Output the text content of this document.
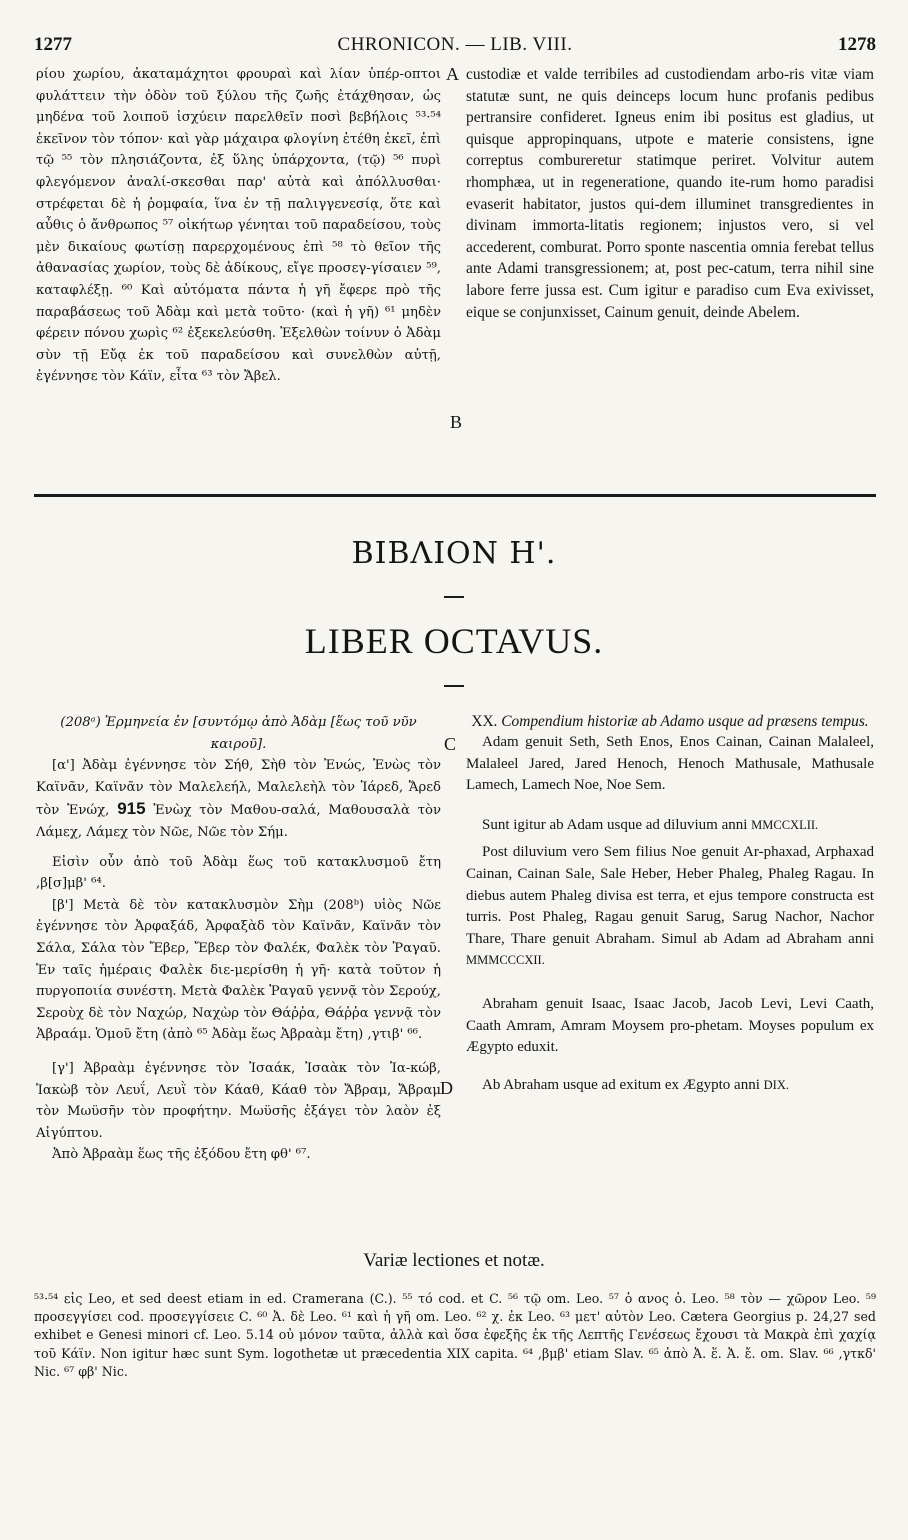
1277	CHRONICON. — LIB. VIII.	1278

ρίου χωρίου, ἀκαταμάχητοι φρουραὶ καὶ λίαν ὑπέρ-οπτοι φυλάττειν τὴν ὁδὸν τοῦ ξύλου τῆς ζωῆς ἐτάχθησαν, ὡς μηδένα τοῦ λοιποῦ ἰσχύειν παρελθεῖν ποσὶ βεβήλοις ⁵³·⁵⁴ ἐκεῖνον τὸν τόπον· καὶ γὰρ μάχαιρα φλογίνη ἐτέθη ἐκεῖ, ἐπὶ τῷ ⁵⁵ τὸν πλησιάζοντα, ἐξ ὕλης ὑπάρχοντα, (τῷ) ⁵⁶ πυρὶ φλεγόμενον ἀναλί-σκεσθαι παρ' αὐτὰ καὶ ἀπόλλυσθαι· στρέφεται δὲ ἡ ῥομφαία, ἵνα ἐν τῇ παλιγγενεσίᾳ, ὅτε καὶ αὖθις ὁ ἄνθρωπος ⁵⁷ οἰκήτωρ γένηται τοῦ παραδείσου, τοὺς μὲν δικαίους φωτίσῃ παρερχομένους ἐπὶ ⁵⁸ τὸ θεῖον τῆς ἀθανασίας χωρίον, τοὺς δὲ ἀδίκους, εἴγε προσεγ-γίσαιεν ⁵⁹, καταφλέξῃ. ⁶⁰ Καὶ αὐτόματα πάντα ἡ γῆ ἔφερε πρὸ τῆς παραβάσεως τοῦ Ἀδὰμ καὶ μετὰ τοῦτο· (καὶ ἡ γῆ) ⁶¹ μηδὲν φέρειν πόνου χωρὶς ⁶² ἐξεκελεύσθη. Ἐξελθὼν τοίνυν ὁ Ἀδὰμ σὺν τῇ Εὔᾳ ἐκ τοῦ παραδείσου καὶ συνελθὼν αὐτῇ, ἐγέννησε τὸν Κάϊν, εἶτα ⁶³ τὸν Ἄβελ.

A
B

custodiæ et valde terribiles ad custodiendam arbo-ris vitæ viam statutæ sunt, ne quis deinceps locum hunc profanis pedibus pertransire confideret. Igneus enim ibi positus est gladius, ut quisque appropinquans, utpote e materie consistens, igne correptus combureretur statimque periret. Volvitur autem rhomphæa, ut in regeneratione, quando ite-rum homo paradisi evaserit habitator, justos qui-dem illuminet transgredientes in divinam immorta-litatis regionem; injustos vero, si vel accederent, comburat. Porro sponte nascentia omnia ferebat tellus ante Adami transgressionem; at, post pec-catum, terra nihil sine labore ferre jussa est. Cum igitur e paradiso cum Eva exivisset, eique se conjunxisset, Cainum genuit, deinde Abelem.

ΒΙΒΛΙΟΝ Η'.
LIBER OCTAVUS.

(208ᵃ) Ἑρμηνεία ἐν [συντόμῳ ἀπὸ Ἀδὰμ [ἕως τοῦ νῦν καιροῦ].

[α'] Ἀδὰμ ἐγέννησε τὸν Σήθ, Σὴθ τὸν Ἐνώς, Ἐνὼς τὸν Καϊνᾶν, Καϊνᾶν τὸν Μαλελεήλ, Μαλελεὴλ τὸν Ἰάρεδ, Ἄρεδ τὸν Ἐνώχ, 915 Ἐνὼχ τὸν Μαθου-σαλά, Μαθουσαλὰ τὸν Λάμεχ, Λάμεχ τὸν Νῶε, Νῶε τὸν Σήμ.

Εἰσὶν οὖν ἀπὸ τοῦ Ἀδὰμ ἕως τοῦ κατακλυσμοῦ ἔτη ,β[σ]μβ' ⁶⁴.

[β'] Μετὰ δὲ τὸν κατακλυσμὸν Σὴμ (208ᵇ) υἱὸς Νῶε ἐγέννησε τὸν Ἀρφαξάδ, Ἀρφαξὰδ τὸν Καϊνᾶν, Καϊνᾶν τὸν Σάλα, Σάλα τὸν Ἔβερ, Ἔβερ τὸν Φαλέκ, Φαλὲκ τὸν Ῥαγαῦ. Ἐν ταῖς ἡμέραις Φαλὲκ διε-μερίσθη ἡ γῆ· κατὰ τοῦτον ἡ πυργοποιία συνέστη. Μετὰ Φαλὲκ Ῥαγαῦ γεννᾷ τὸν Σερούχ, Σεροὺχ δὲ τὸν Ναχώρ, Ναχὼρ τὸν Θάῤῥα, Θάῤῥα γεννᾷ τὸν Ἀβραάμ. Ὁμοῦ ἔτη (ἀπὸ ⁶⁵ Ἀδὰμ ἕως Ἀβραὰμ ἔτη) ,γτιβ' ⁶⁶.

[γ'] Ἀβραὰμ ἐγέννησε τὸν Ἰσαάκ, Ἰσαὰκ τὸν Ἰα-κώβ, Ἰακὼβ τὸν Λευΐ, Λευῒ τὸν Κάαθ, Κάαθ τὸν Ἄβραμ, Ἄβραμ τὸν Μωϋσῆν τὸν προφήτην. Μωϋσῆς ἐξάγει τὸν λαὸν ἐξ Αἰγύπτου.

Ἀπὸ Ἀβραὰμ ἕως τῆς ἐξόδου ἔτη φθ' ⁶⁷.

C
D
XX. Compendium historiæ ab Adamo usque ad præsens tempus.

Adam genuit Seth, Seth Enos, Enos Cainan, Cainan Malaleel, Malaleel Jared, Jared Henoch, Henoch Mathusale, Mathusale Lamech, Lamech Noe, Noe Sem.

Sunt igitur ab Adam usque ad diluvium anni MMCCXLII.

Post diluvium vero Sem filius Noe genuit Ar-phaxad, Arphaxad Cainan, Cainan Sale, Sale Heber, Heber Phaleg, Phaleg Ragau. In diebus autem Phaleg divisa est terra, et ejus tempore constructa est turris. Post Phaleg, Ragau genuit Sarug, Sarug Nachor, Nachor Thare, Thare genuit Abraham. Simul ab Adam ad Abraham anni MMMCCCXII.

Abraham genuit Isaac, Isaac Jacob, Jacob Levi, Levi Caath, Caath Amram, Amram Moysem pro-phetam. Moyses populum ex Ægypto eduxit.

Ab Abraham usque ad exitum ex Ægypto anni DIX.

Variæ lectiones et notæ.

⁵³·⁵⁴ εἰς Leo, et sed deest etiam in ed. Cramerana (C.). ⁵⁵ τό cod. et C. ⁵⁶ τῷ om. Leo. ⁵⁷ ὁ ανος ὁ. Leo. ⁵⁸ τὸν — χῶρον Leo. ⁵⁹ προσεγγίσει cod. προσεγγίσειε C. ⁶⁰ Ἀ. δὲ Leo. ⁶¹ καὶ ἡ γῆ om. Leo. ⁶² χ. ἐκ Leo. ⁶³ μετ' αὐτὸν Leo. Cætera Georgius p. 24,27 sed exhibet e Genesi minori cf. Leo. 5.14 οὐ μόνον ταῦτα, ἀλλὰ καὶ ὅσα ἐφεξῆς ἐκ τῆς Λεπτῆς Γενέσεως ἔχουσι τὰ Μακρὰ ἐπὶ χαχίᾳ τοῦ Κάϊν. Non igitur hæc sunt Sym. logothetæ ut præcedentia XIX capita. ⁶⁴ ,βμβ' etiam Slav. ⁶⁵ ἀπὸ Ἀ. ἕ. Ἀ. ἔ. om. Slav. ⁶⁶ ,γτκδ' Nic. ⁶⁷ φβ' Nic.
